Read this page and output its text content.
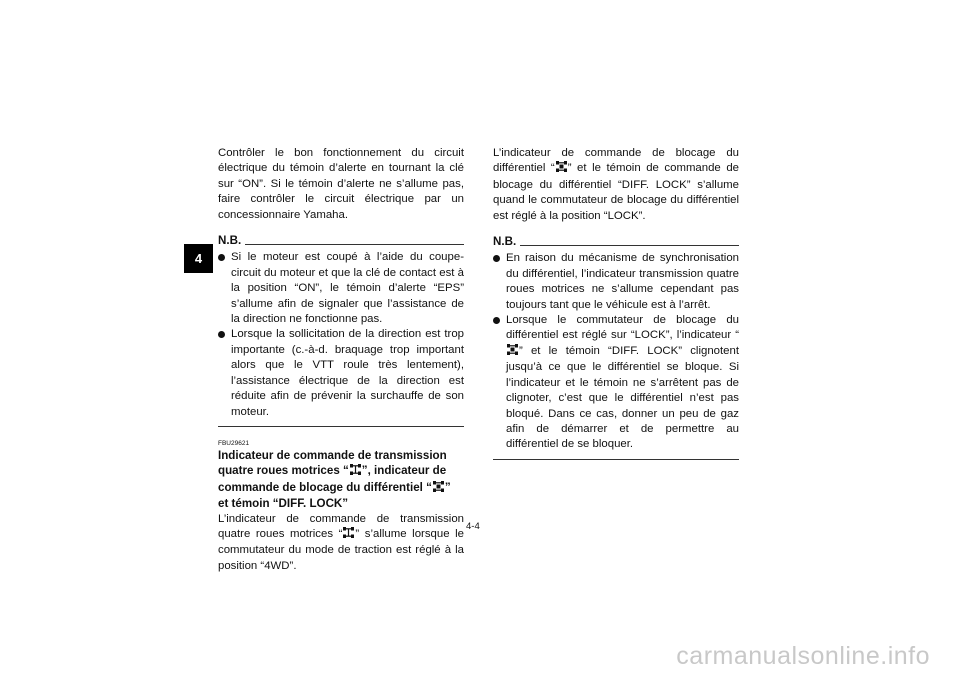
4

Contrôler le bon fonctionnement du circuit électrique du témoin d’alerte en tournant la clé sur “ON”. Si le témoin d’alerte ne s’allume pas, faire contrôler le circuit électrique par un concessionnaire Yamaha.

N.B.
Si le moteur est coupé à l’aide du coupe-circuit du moteur et que la clé de contact est à la position “ON”, le témoin d’alerte “EPS” s’allume afin de signaler que l’assistance de la direction ne fonctionne pas.
Lorsque la sollicitation de la direction est trop importante (c.-à-d. braquage trop important alors que le VTT roule très lentement), l’assistance électrique de la direction est réduite afin de prévenir la surchauffe de son moteur.
FBU29621
Indicateur de commande de transmission quatre roues motrices “ ”, indicateur de commande de blocage du différentiel “ ” et témoin “DIFF. LOCK”

L’indicateur de commande de transmission quatre roues motrices “ ” s’allume lorsque le commutateur du mode de traction est réglé à la position “4WD”.

L’indicateur de commande de blocage du différentiel “ ” et le témoin de commande de blocage du différentiel “DIFF. LOCK” s’allume quand le commutateur de blocage du différentiel est réglé à la position “LOCK”.

N.B.
En raison du mécanisme de synchronisation du différentiel, l’indicateur transmission quatre roues motrices ne s’allume cependant pas toujours tant que le véhicule est à l’arrêt.
Lorsque le commutateur de blocage du différentiel est réglé sur “LOCK”, l’indicateur “” et le témoin “DIFF. LOCK” clignotent jusqu’à ce que le différentiel se bloque. Si l’indicateur et le témoin ne s’arrêtent pas de clignoter, c’est que le différentiel n’est pas bloqué. Dans ce cas, donner un peu de gaz afin de démarrer et de permettre au différentiel de se bloquer.
4-4
carmanualsonline.info
